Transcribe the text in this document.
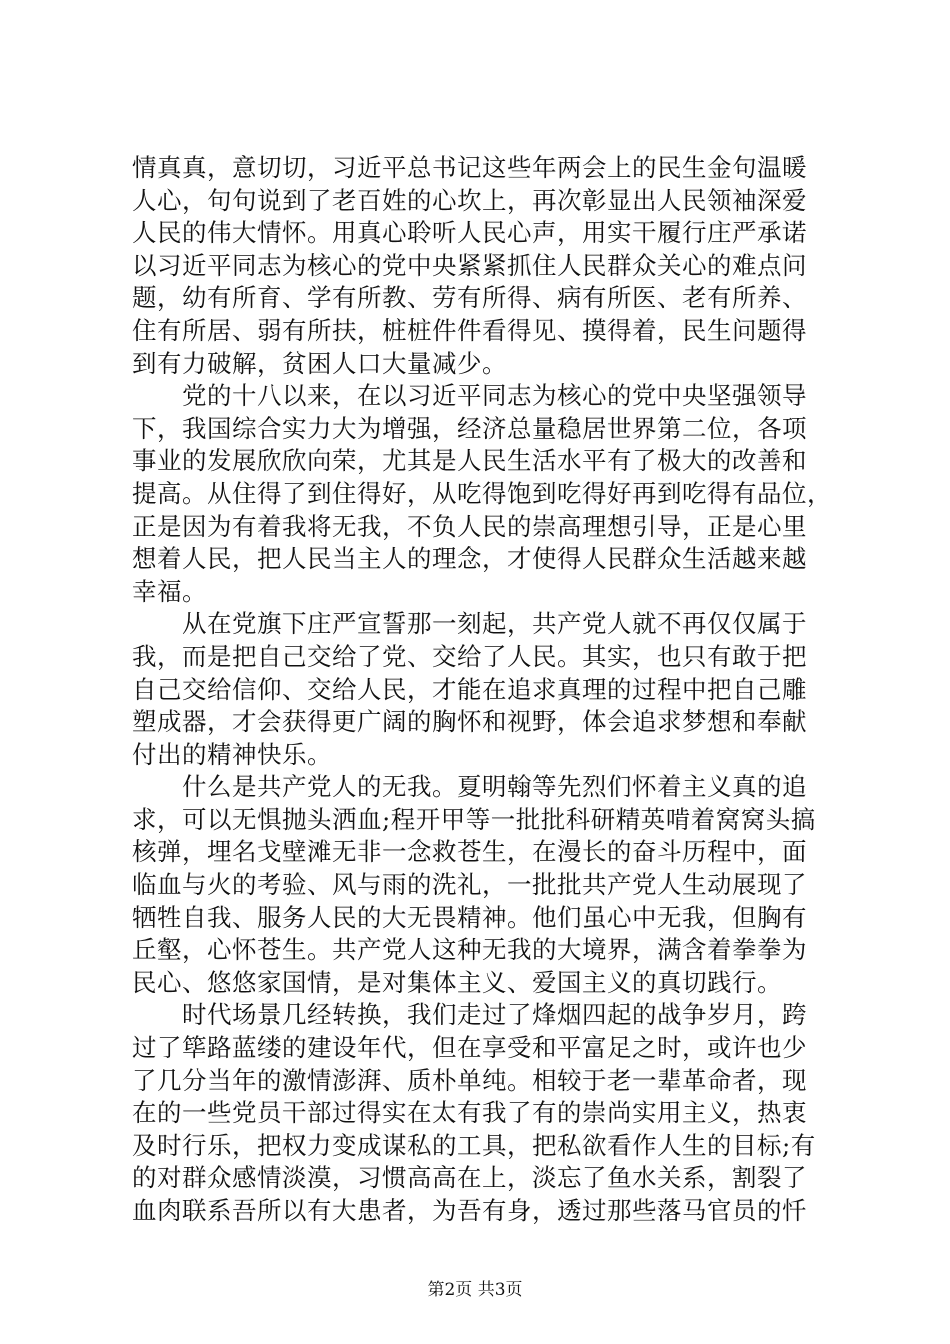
情真真，意切切，习近平总书记这些年两会上的民生金句温暖
人心，句句说到了老百姓的心坎上，再次彰显出人民领袖深爱
人民的伟大情怀。用真心聆听人民心声，用实干履行庄严承诺
以习近平同志为核心的党中央紧紧抓住人民群众关心的难点问
题，幼有所育、学有所教、劳有所得、病有所医、老有所养、
住有所居、弱有所扶，桩桩件件看得见、摸得着，民生问题得
到有力破解，贫困人口大量减少。
党的十八以来，在以习近平同志为核心的党中央坚强领导
下，我国综合实力大为增强，经济总量稳居世界第二位，各项
事业的发展欣欣向荣，尤其是人民生活水平有了极大的改善和
提高。从住得了到住得好，从吃得饱到吃得好再到吃得有品位，
正是因为有着我将无我，不负人民的崇高理想引导，正是心里
想着人民，把人民当主人的理念，才使得人民群众生活越来越
幸福。
从在党旗下庄严宣誓那一刻起，共产党人就不再仅仅属于
我，而是把自己交给了党、交给了人民。其实，也只有敢于把
自己交给信仰、交给人民，才能在追求真理的过程中把自己雕
塑成器，才会获得更广阔的胸怀和视野，体会追求梦想和奉献
付出的精神快乐。
什么是共产党人的无我。夏明翰等先烈们怀着主义真的追
求，可以无惧抛头洒血;程开甲等一批批科研精英啃着窝窝头搞
核弹，埋名戈壁滩无非一念救苍生，在漫长的奋斗历程中，面
临血与火的考验、风与雨的洗礼，一批批共产党人生动展现了
牺牲自我、服务人民的大无畏精神。他们虽心中无我，但胸有
丘壑，心怀苍生。共产党人这种无我的大境界，满含着拳拳为
民心、悠悠家国情，是对集体主义、爱国主义的真切践行。
时代场景几经转换，我们走过了烽烟四起的战争岁月，跨
过了筚路蓝缕的建设年代，但在享受和平富足之时，或许也少
了几分当年的激情澎湃、质朴单纯。相较于老一辈革命者，现
在的一些党员干部过得实在太有我了有的崇尚实用主义，热衷
及时行乐，把权力变成谋私的工具，把私欲看作人生的目标;有
的对群众感情淡漠，习惯高高在上，淡忘了鱼水关系，割裂了
血肉联系吾所以有大患者，为吾有身，透过那些落马官员的忏
第2页 共3页
